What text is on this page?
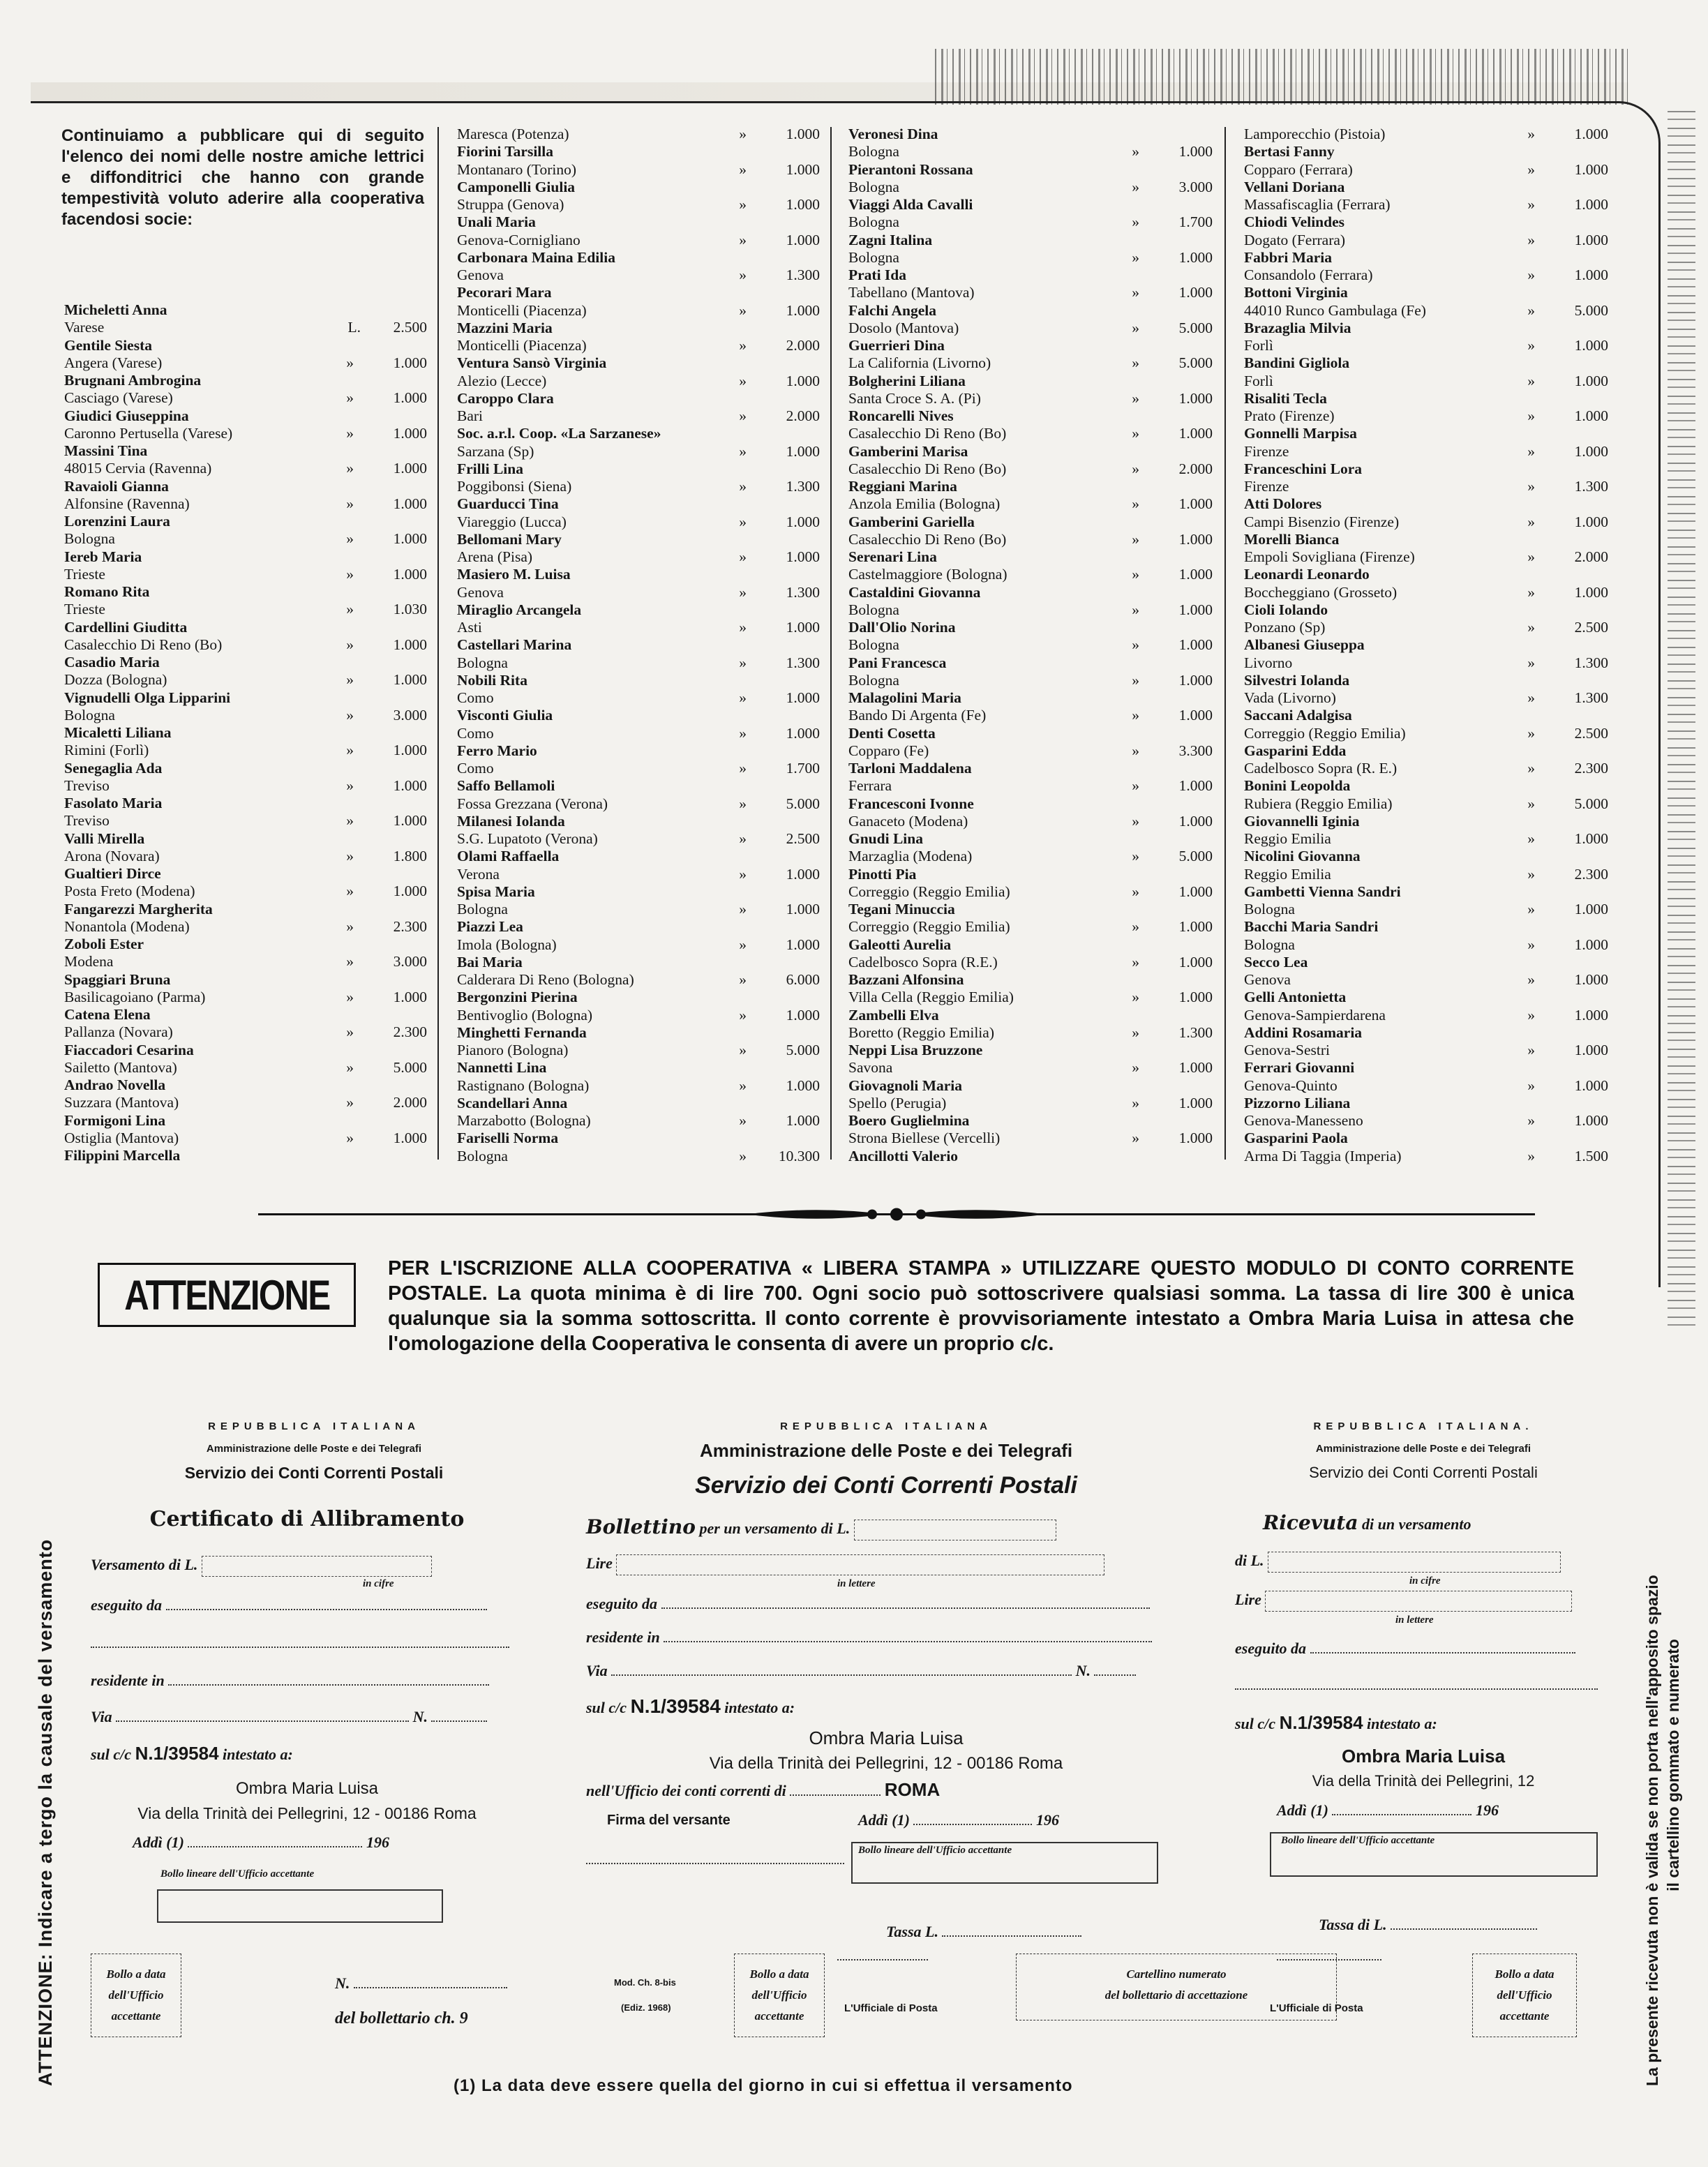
Continuiamo a pubblicare qui di seguito l'elenco dei nomi delle nostre amiche lettrici e diffonditrici che hanno con grande tempestività voluto aderire alla cooperativa facendosi socie:

Micheletti Anna
Varese	L. 2.500
Gentile Siesta
Angera (Varese)	»	1.000
Brugnani Ambrogina
Casciago (Varese)	»	1.000
Giudici Giuseppina
Caronno Pertusella (Varese)	»	1.000
Massini Tina
48015 Cervia (Ravenna)	»	1.000
Ravaioli Gianna
Alfonsine (Ravenna)	»	1.000
Lorenzini Laura
Bologna	»	1.000
Iereb Maria
Trieste	»	1.000
Romano Rita
Trieste	»	1.030
Cardellini Giuditta
Casalecchio Di Reno (Bo)	»	1.000
Casadio Maria
Dozza (Bologna)	»	1.000
Vignudelli Olga Lipparini
Bologna	»	3.000
Micaletti Liliana
Rimini (Forlì)	»	1.000
Senegaglia Ada
Treviso	»	1.000
Fasolato Maria
Treviso	»	1.000
Valli Mirella
Arona (Novara)	»	1.800
Gualtieri Dirce
Posta Freto (Modena)	»	1.000
Fangarezzi Margherita
Nonantola (Modena)	»	2.300
Zoboli Ester
Modena	»	3.000
Spaggiari Bruna
Basilicagoiano (Parma)	»	1.000
Catena Elena
Pallanza (Novara)	»	2.300
Fiaccadori Cesarina
Sailetto (Mantova)	»	5.000
Andrao Novella
Suzzara (Mantova)	»	2.000
Formigoni Lina
Ostiglia (Mantova)	»	1.000
Filippini Marcella
Maresca (Potenza)	»	1.000
Fiorini Tarsilla
Montanaro (Torino)	»	1.000
Camponelli Giulia
Struppa (Genova)	»	1.000
Unali Maria
Genova-Cornigliano	»	1.000
Carbonara Maina Edilia
Genova	»	1.300
Pecorari Mara
Monticelli (Piacenza)	»	1.000
Mazzini Maria
Monticelli (Piacenza)	»	2.000
Ventura Sansò Virginia
Alezio (Lecce)	»	1.000
Caroppo Clara
Bari	»	2.000
Soc. a.r.l. Coop. «La Sarzanese»
Sarzana (Sp)	»	1.000
Frilli Lina
Poggibonsi (Siena)	»	1.300
Guarducci Tina
Viareggio (Lucca)	»	1.000
Bellomani Mary
Arena (Pisa)	»	1.000
Masiero M. Luisa
Genova	»	1.300
Miraglio Arcangela
Asti	»	1.000
Castellari Marina
Bologna	»	1.300
Nobili Rita
Como	»	1.000
Visconti Giulia
Como	»	1.000
Ferro Mario
Como	»	1.700
Saffo Bellamoli
Fossa Grezzana (Verona)	»	5.000
Milanesi Iolanda
S.G. Lupatoto (Verona)	»	2.500
Olami Raffaella
Verona	»	1.000
Spisa Maria
Bologna	»	1.000
Piazzi Lea
Imola (Bologna)	»	1.000
Bai Maria
Calderara Di Reno (Bologna)	»	6.000
Bergonzini Pierina
Bentivoglio (Bologna)	»	1.000
Minghetti Fernanda
Pianoro (Bologna)	»	5.000
Nannetti Lina
Rastignano (Bologna)	»	1.000
Scandellari Anna
Marzabotto (Bologna)	»	1.000
Fariselli Norma
Bologna	» 10.300
Veronesi Dina
Bologna	»	1.000
Pierantoni Rossana
Bologna	»	3.000
Viaggi Alda Cavalli
Bologna	»	1.700
Zagni Italina
Bologna	»	1.000
Prati Ida
Tabellano (Mantova)	»	1.000
Falchi Angela
Dosolo (Mantova)	»	5.000
Guerrieri Dina
La California (Livorno)	»	5.000
Bolgherini Liliana
Santa Croce S. A. (Pi)	»	1.000
Roncarelli Nives
Casalecchio Di Reno (Bo)	»	1.000
Gamberini Marisa
Casalecchio Di Reno (Bo)	»	2.000
Reggiani Marina
Anzola Emilia (Bologna)	»	1.000
Gamberini Gariella
Casalecchio Di Reno (Bo)	»	1.000
Serenari Lina
Castelmaggiore (Bologna)	»	1.000
Castaldini Giovanna
Bologna	»	1.000
Dall'Olio Norina
Bologna	»	1.000
Pani Francesca
Bologna	»	1.000
Malagolini Maria
Bando Di Argenta (Fe)	»	1.000
Denti Cosetta
Copparo (Fe)	»	3.300
Tarloni Maddalena
Ferrara	»	1.000
Francesconi Ivonne
Ganaceto (Modena)	»	1.000
Gnudi Lina
Marzaglia (Modena)	»	5.000
Pinotti Pia
Correggio (Reggio Emilia)	»	1.000
Tegani Minuccia
Correggio (Reggio Emilia)	»	1.000
Galeotti Aurelia
Cadelbosco Sopra (R.E.)	»	1.000
Bazzani Alfonsina
Villa Cella (Reggio Emilia)	»	1.000
Zambelli Elva
Boretto (Reggio Emilia)	»	1.300
Neppi Lisa Bruzzone
Savona	»	1.000
Giovagnoli Maria
Spello (Perugia)	»	1.000
Boero Guglielmina
Strona Biellese (Vercelli)	»	1.000
Ancillotti Valerio
Lamporecchio (Pistoia)	»	1.000
Bertasi Fanny
Copparo (Ferrara)	»	1.000
Vellani Doriana
Massafiscaglia (Ferrara)	»	1.000
Chiodi Velindes
Dogato (Ferrara)	»	1.000
Fabbri Maria
Consandolo (Ferrara)	»	1.000
Bottoni Virginia
44010 Runco Gambulaga (Fe)	»	5.000
Brazaglia Milvia
Forlì	»	1.000
Bandini Gigliola
Forlì	»	1.000
Risaliti Tecla
Prato (Firenze)	»	1.000
Gonnelli Marpisa
Firenze	»	1.000
Franceschini Lora
Firenze	»	1.300
Atti Dolores
Campi Bisenzio (Firenze)	»	1.000
Morelli Bianca
Empoli Sovigliana (Firenze)	»	2.000
Leonardi Leonardo
Boccheggiano (Grosseto)	»	1.000
Cioli Iolando
Ponzano (Sp)	»	2.500
Albanesi Giuseppa
Livorno	»	1.300
Silvestri Iolanda
Vada (Livorno)	»	1.300
Saccani Adalgisa
Correggio (Reggio Emilia)	»	2.500
Gasparini Edda
Cadelbosco Sopra (R. E.)	»	2.300
Bonini Leopolda
Rubiera (Reggio Emilia)	»	5.000
Giovannelli Iginia
Reggio Emilia	»	1.000
Nicolini Giovanna
Reggio Emilia	»	2.300
Gambetti Vienna Sandri
Bologna	»	1.000
Bacchi Maria Sandri
Bologna	»	1.000
Secco Lea
Genova	»	1.000
Gelli Antonietta
Genova-Sampierdarena	»	1.000
Addini Rosamaria
Genova-Sestri	»	1.000
Ferrari Giovanni
Genova-Quinto	»	1.000
Pizzorno Liliana
Genova-Manesseno	»	1.000
Gasparini Paola
Arma Di Taggia (Imperia)	»	1.500
ATTENZIONE

PER L'ISCRIZIONE ALLA COOPERATIVA « LIBERA STAMPA » UTILIZZARE QUESTO MODULO DI CONTO CORRENTE POSTALE. La quota minima è di lire 700. Ogni socio può sottoscrivere qualsiasi somma. La tassa di lire 300 è unica qualunque sia la somma sottoscritta. Il conto corrente è provvisoriamente intestato a Ombra Maria Luisa in attesa che l'omologazione della Cooperativa le consenta di avere un proprio c/c.

REPUBBLICA ITALIANA
Amministrazione delle Poste e dei Telegrafi
Servizio dei Conti Correnti Postali
Certificato di Allibramento
Versamento di L.
in cifre
eseguito da
residente in
Via	N.
sul c/c N.1/39584 intestato a:
Ombra Maria Luisa
Via della Trinità dei Pellegrini, 12 - 00186 Roma
Addì (1)	196
Bollo lineare dell'Ufficio accettante
Bollo a data
dell'Ufficio
accettante
N.
del bollettario ch. 9
REPUBBLICA ITALIANA
Amministrazione delle Poste e dei Telegrafi
Servizio dei Conti Correnti Postali
Bollettino per un versamento di L.
Lire
in lettere
eseguito da
residente in
Via	N.
sul c/c N.1/39584 intestato a:
Ombra Maria Luisa
Via della Trinità dei Pellegrini, 12 - 00186 Roma
nell'Ufficio dei conti correnti di	ROMA
Firma del versante	Addì (1)	196
Bollo lineare dell'Ufficio accettante
Tassa L.
Mod. Ch. 8-bis
(Ediz. 1968)
Bollo a data
dell'Ufficio
accettante
L'Ufficiale di Posta
Cartellino numerato
del bollettario di accettazione
REPUBBLICA ITALIANA.
Amministrazione delle Poste e dei Telegrafi
Servizio dei Conti Correnti Postali
Ricevuta di un versamento
di L.
in cifre
Lire
in lettere
eseguito da
sul c/c N.1/39584 intestato a:
Ombra Maria Luisa
Via della Trinità dei Pellegrini, 12
Addì (1)	196
Bollo lineare dell'Ufficio accettante
Tassa di L.
L'Ufficiale di Posta
Bollo a data
dell'Ufficio
accettante
ATTENZIONE: Indicare a tergo la causale del versamento	La presente ricevuta non è valida se non porta nell'apposito spazio il cartellino gommato e numerato
(1) La data deve essere quella del giorno in cui si effettua il versamento
